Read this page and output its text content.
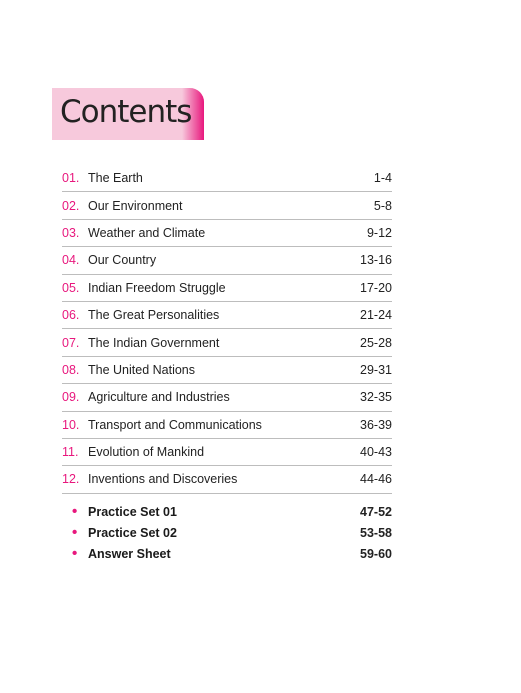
Contents
01. The Earth	1-4
02. Our Environment	5-8
03. Weather and Climate	9-12
04. Our Country	13-16
05. Indian Freedom Struggle	17-20
06. The Great Personalities	21-24
07. The Indian Government	25-28
08. The United Nations	29-31
09. Agriculture and Industries	32-35
10. Transport and Communications	36-39
11. Evolution of Mankind	40-43
12. Inventions and Discoveries	44-46
• Practice Set 01	47-52
• Practice Set 02	53-58
• Answer Sheet	59-60
